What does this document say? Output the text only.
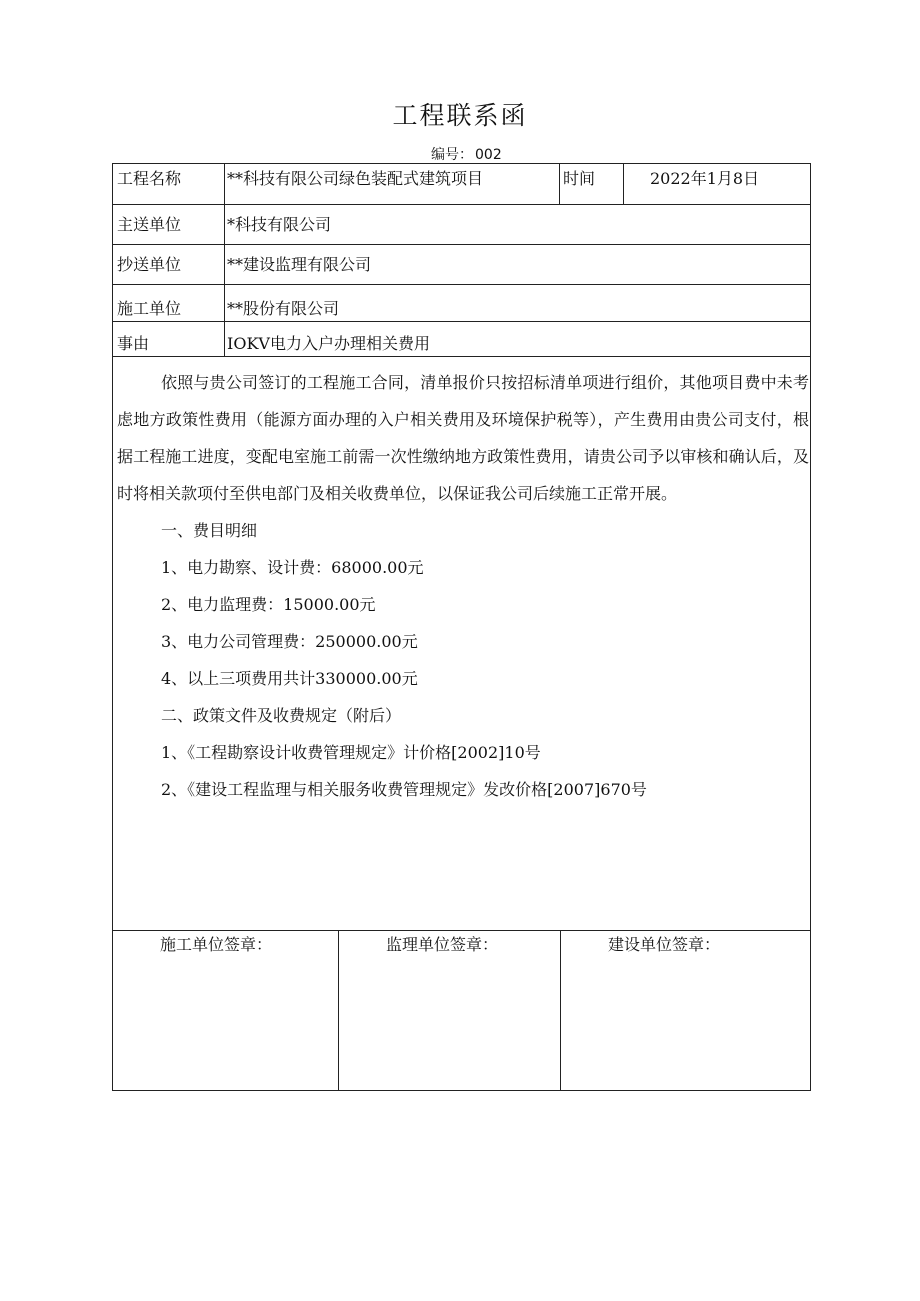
工程联系函
编号： 002
工程名称	**科技有限公司绿色装配式建筑项目	时间	2022年1月8日
主送单位	*科技有限公司
抄送单位	**建设监理有限公司
施工单位	**股份有限公司
事由	IOKV电力入户办理相关费用

依照与贵公司签订的工程施工合同，清单报价只按招标清单项进行组价，其他项目费中未考虑地方政策性费用（能源方面办理的入户相关费用及环境保护税等），产生费用由贵公司支付，根据工程施工进度，变配电室施工前需一次性缴纳地方政策性费用，请贵公司予以审核和确认后，及时将相关款项付至供电部门及相关收费单位，以保证我公司后续施工正常开展。

一、费目明细

1、电力勘察、设计费：68000.00元

2、电力监理费：15000.00元

3、电力公司管理费：250000.00元

4、以上三项费用共计330000.00元

二、政策文件及收费规定（附后）

1、《工程勘察设计收费管理规定》计价格[2002]10号

2、《建设工程监理与相关服务收费管理规定》发改价格[2007]670号

施工单位签章：	监理单位签章：	建设单位签章：
